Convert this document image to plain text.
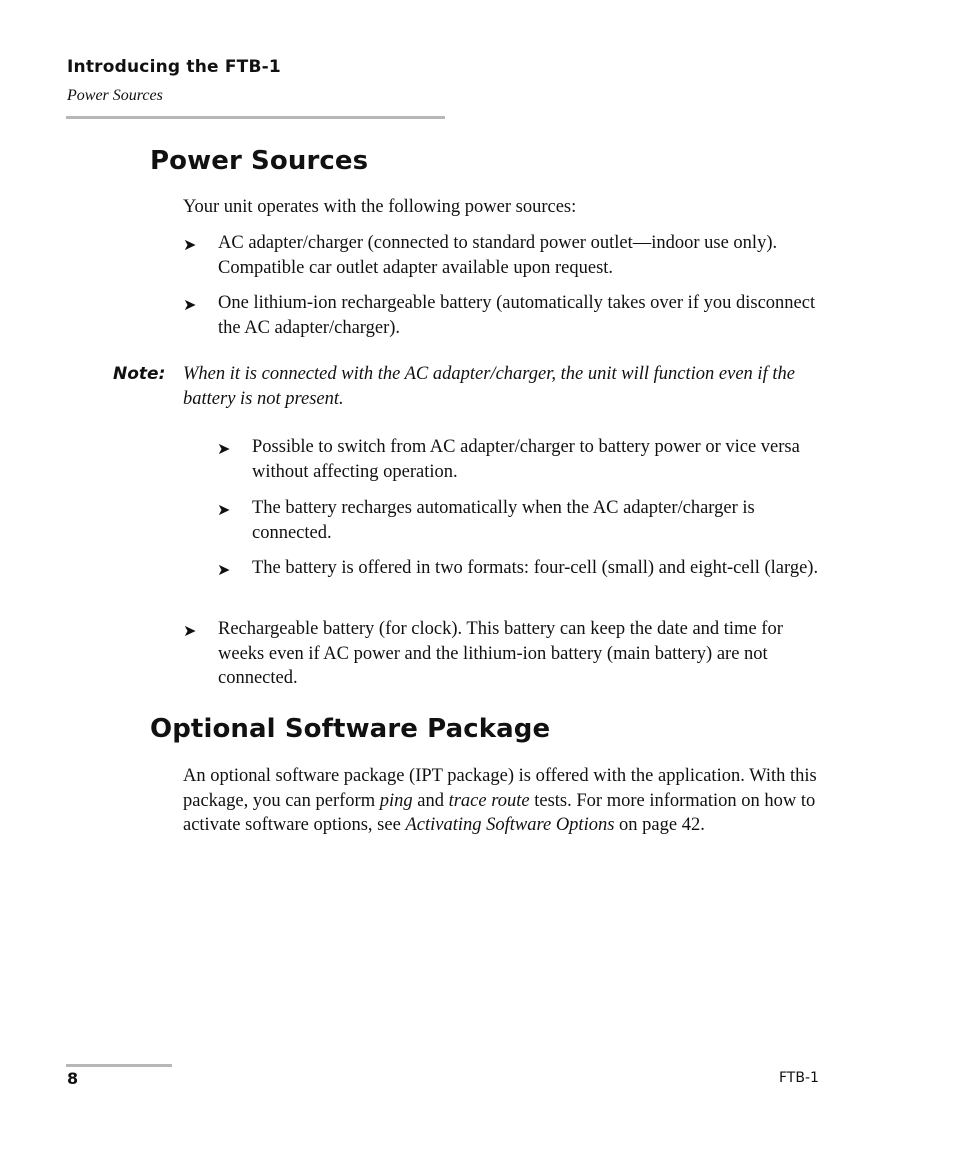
Introducing the FTB-1
Power Sources
Power Sources

Your unit operates with the following power sources:

➤	AC adapter/charger (connected to standard power outlet—indoor use only). Compatible car outlet adapter available upon request.
➤	One lithium-ion rechargeable battery (automatically takes over if you disconnect the AC adapter/charger).
Note: When it is connected with the AC adapter/charger, the unit will function even if the battery is not present.
➤	Possible to switch from AC adapter/charger to battery power or vice versa without affecting operation.
➤	The battery recharges automatically when the AC adapter/charger is connected.
➤	The battery is offered in two formats: four-cell (small) and eight-cell (large).
➤	Rechargeable battery (for clock). This battery can keep the date and time for weeks even if AC power and the lithium-ion battery (main battery) are not connected.
Optional Software Package

An optional software package (IPT package) is offered with the application. With this package, you can perform ping and trace route tests. For more information on how to activate software options, see Activating Software Options on page 42.

8	FTB-1
